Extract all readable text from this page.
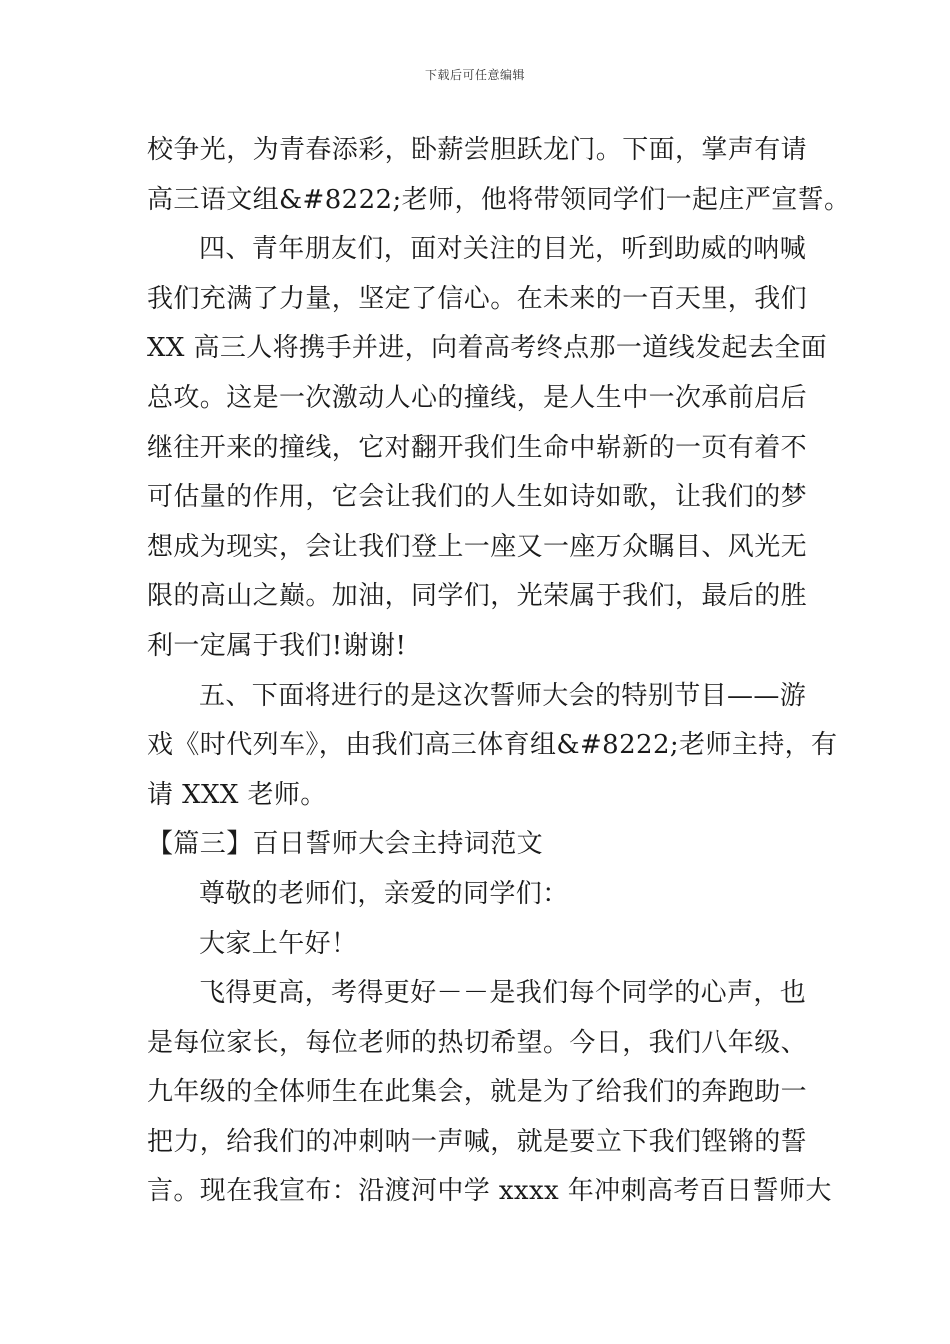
下载后可任意编辑
校争光，为青春添彩，卧薪尝胆跃龙门。下面，掌声有请
高三语文组&#8222;老师，他将带领同学们一起庄严宣誓。
四、青年朋友们，面对关注的目光，听到助威的呐喊
我们充满了力量，坚定了信心。在未来的一百天里，我们
XX 高三人将携手并进，向着高考终点那一道线发起去全面
总攻。这是一次激动人心的撞线，是人生中一次承前启后
继往开来的撞线，它对翻开我们生命中崭新的一页有着不
可估量的作用，它会让我们的人生如诗如歌，让我们的梦
想成为现实，会让我们登上一座又一座万众瞩目、风光无
限的高山之巅。加油，同学们，光荣属于我们，最后的胜
利一定属于我们!谢谢!
五、下面将进行的是这次誓师大会的特别节目——游
戏《时代列车》，由我们高三体育组&#8222;老师主持，有
请 XXX 老师。
【篇三】百日誓师大会主持词范文
尊敬的老师们，亲爱的同学们：
大家上午好！
飞得更高，考得更好－－是我们每个同学的心声，也
是每位家长，每位老师的热切希望。今日，我们八年级、
九年级的全体师生在此集会，就是为了给我们的奔跑助一
把力，给我们的冲刺呐一声喊，就是要立下我们铿锵的誓
言。现在我宣布：沿渡河中学 xxxx 年冲刺高考百日誓师大
